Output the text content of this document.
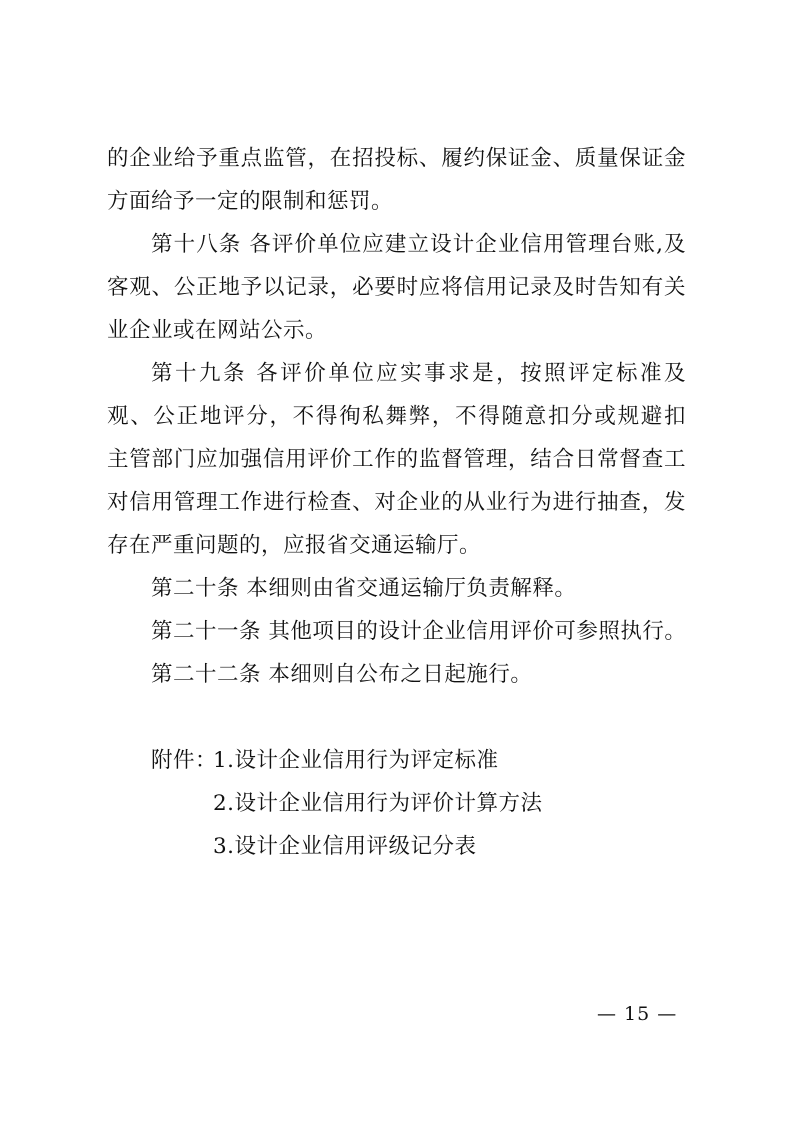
的企业给予重点监管，在招投标、履约保证金、质量保证金
方面给予一定的限制和惩罚。
第十八条 各评价单位应建立设计企业信用管理台账,及
客观、公正地予以记录，必要时应将信用记录及时告知有关
业企业或在网站公示。
第十九条 各评价单位应实事求是，按照评定标准及
观、公正地评分，不得徇私舞弊，不得随意扣分或规避扣
主管部门应加强信用评价工作的监督管理，结合日常督查工
对信用管理工作进行检查、对企业的从业行为进行抽查，发
存在严重问题的，应报省交通运输厅。
第二十条 本细则由省交通运输厅负责解释。
第二十一条 其他项目的设计企业信用评价可参照执行。
第二十二条 本细则自公布之日起施行。
附件：
1.设计企业信用行为评定标准
2.设计企业信用行为评价计算方法
3.设计企业信用评级记分表
— 15 —
